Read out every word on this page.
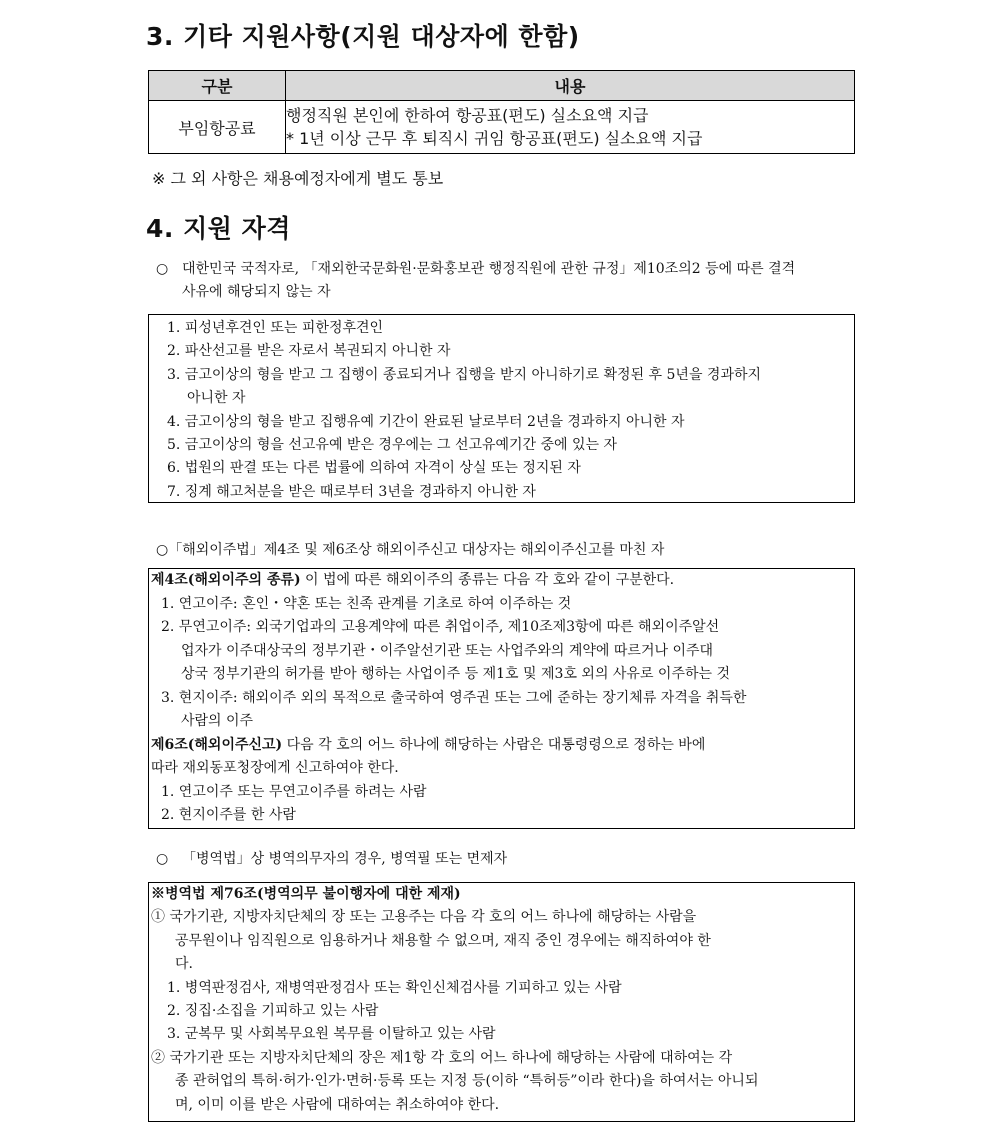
3. 기타 지원사항(지원 대상자에 한함)
구분	내용
부임항공료	행정직원 본인에 한하여 항공표(편도) 실소요액 지급
* 1년 이상 근무 후 퇴직시 귀임 항공표(편도) 실소요액 지급
※ 그 외 사항은 채용예정자에게 별도 통보
4. 지원 자격
○ 대한민국 국적자로, 「재외한국문화원·문화홍보관 행정직원에 관한 규정」제10조의2 등에 따른 결격
사유에 해당되지 않는 자
1. 피성년후견인 또는 피한정후견인
2. 파산선고를 받은 자로서 복권되지 아니한 자
3. 금고이상의 형을 받고 그 집행이 종료되거나 집행을 받지 아니하기로 확정된 후 5년을 경과하지
아니한 자
4. 금고이상의 형을 받고 집행유예 기간이 완료된 날로부터 2년을 경과하지 아니한 자
5. 금고이상의 형을 선고유예 받은 경우에는 그 선고유예기간 중에 있는 자
6. 법원의 판결 또는 다른 법률에 의하여 자격이 상실 또는 정지된 자
7. 징계 해고처분을 받은 때로부터 3년을 경과하지 아니한 자
○「해외이주법」제4조 및 제6조상 해외이주신고 대상자는 해외이주신고를 마친 자
제4조(해외이주의 종류) 이 법에 따른 해외이주의 종류는 다음 각 호와 같이 구분한다.
1. 연고이주: 혼인・약혼 또는 친족 관계를 기초로 하여 이주하는 것
2. 무연고이주: 외국기업과의 고용계약에 따른 취업이주, 제10조제3항에 따른 해외이주알선
업자가 이주대상국의 정부기관・이주알선기관 또는 사업주와의 계약에 따르거나 이주대
상국 정부기관의 허가를 받아 행하는 사업이주 등 제1호 및 제3호 외의 사유로 이주하는 것
3. 현지이주: 해외이주 외의 목적으로 출국하여 영주권 또는 그에 준하는 장기체류 자격을 취득한
사람의 이주
제6조(해외이주신고) 다음 각 호의 어느 하나에 해당하는 사람은 대통령령으로 정하는 바에
따라 재외동포청장에게 신고하여야 한다.
1. 연고이주 또는 무연고이주를 하려는 사람
2. 현지이주를 한 사람
○ 「병역법」상 병역의무자의 경우, 병역필 또는 면제자
※병역법 제76조(병역의무 불이행자에 대한 제재)
① 국가기관, 지방자치단체의 장 또는 고용주는 다음 각 호의 어느 하나에 해당하는 사람을
공무원이나 임직원으로 임용하거나 채용할 수 없으며, 재직 중인 경우에는 해직하여야 한
다.
1. 병역판정검사, 재병역판정검사 또는 확인신체검사를 기피하고 있는 사람
2. 징집·소집을 기피하고 있는 사람
3. 군복무 및 사회복무요원 복무를 이탈하고 있는 사람
② 국가기관 또는 지방자치단체의 장은 제1항 각 호의 어느 하나에 해당하는 사람에 대하여는 각
종 관허업의 특허·허가·인가·면허·등록 또는 지정 등(이하 “특허등”이라 한다)을 하여서는 아니되
며, 이미 이를 받은 사람에 대하여는 취소하여야 한다.
